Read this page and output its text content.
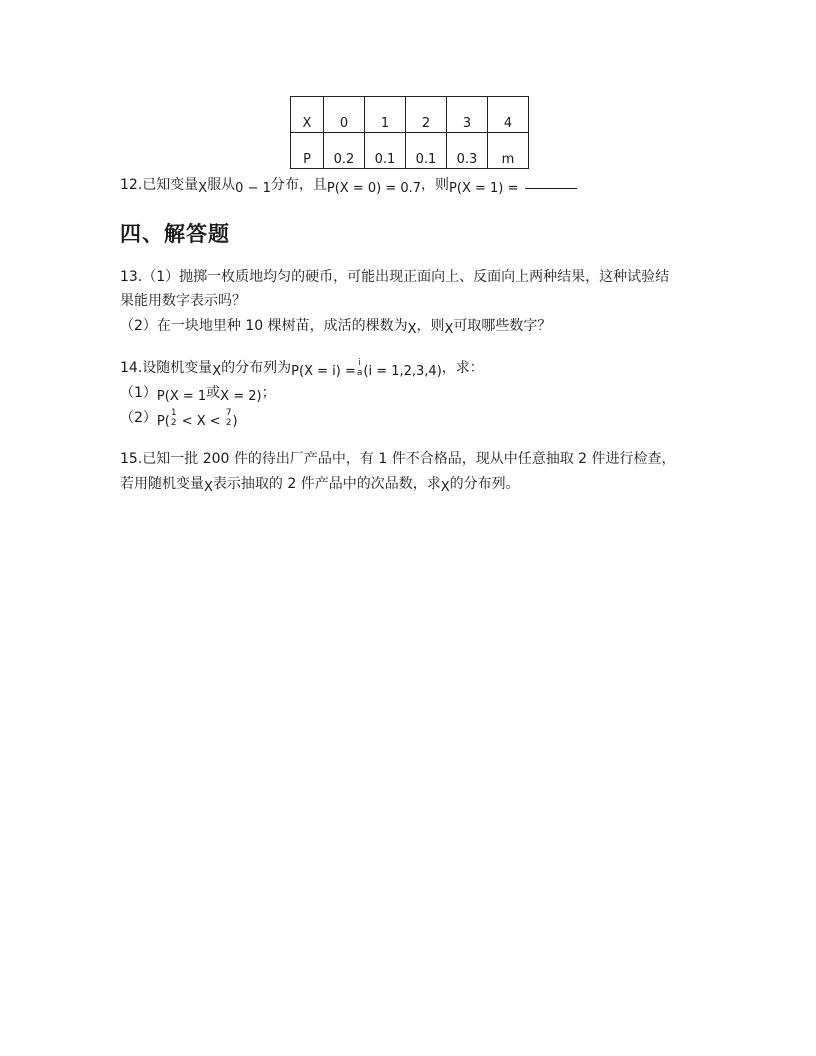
X	0	1	2	3	4

P	0.2	0.1	0.1	0.3	m
12.已知变量X服从0 − 1分布，且P(X = 0) = 0.7，则P(X = 1) =
四、解答题
13.（1）抛掷一枚质地均匀的硬币，可能出现正面向上、反面向上两种结果，这种试验结
果能用数字表示吗？
（2）在一块地里种 10 棵树苗，成活的棵数为X，则X可取哪些数字？
14.设随机变量X的分布列为P(X = i) =
i
a (i = 1,2,3,4)，求：
（1）P(X = 1或X = 2)；
（2）P(
1
2 < X <
7
2 )
15.已知一批 200 件的待出厂产品中，有 1 件不合格品，现从中任意抽取 2 件进行检查，
若用随机变量X表示抽取的 2 件产品中的次品数，求X的分布列。
